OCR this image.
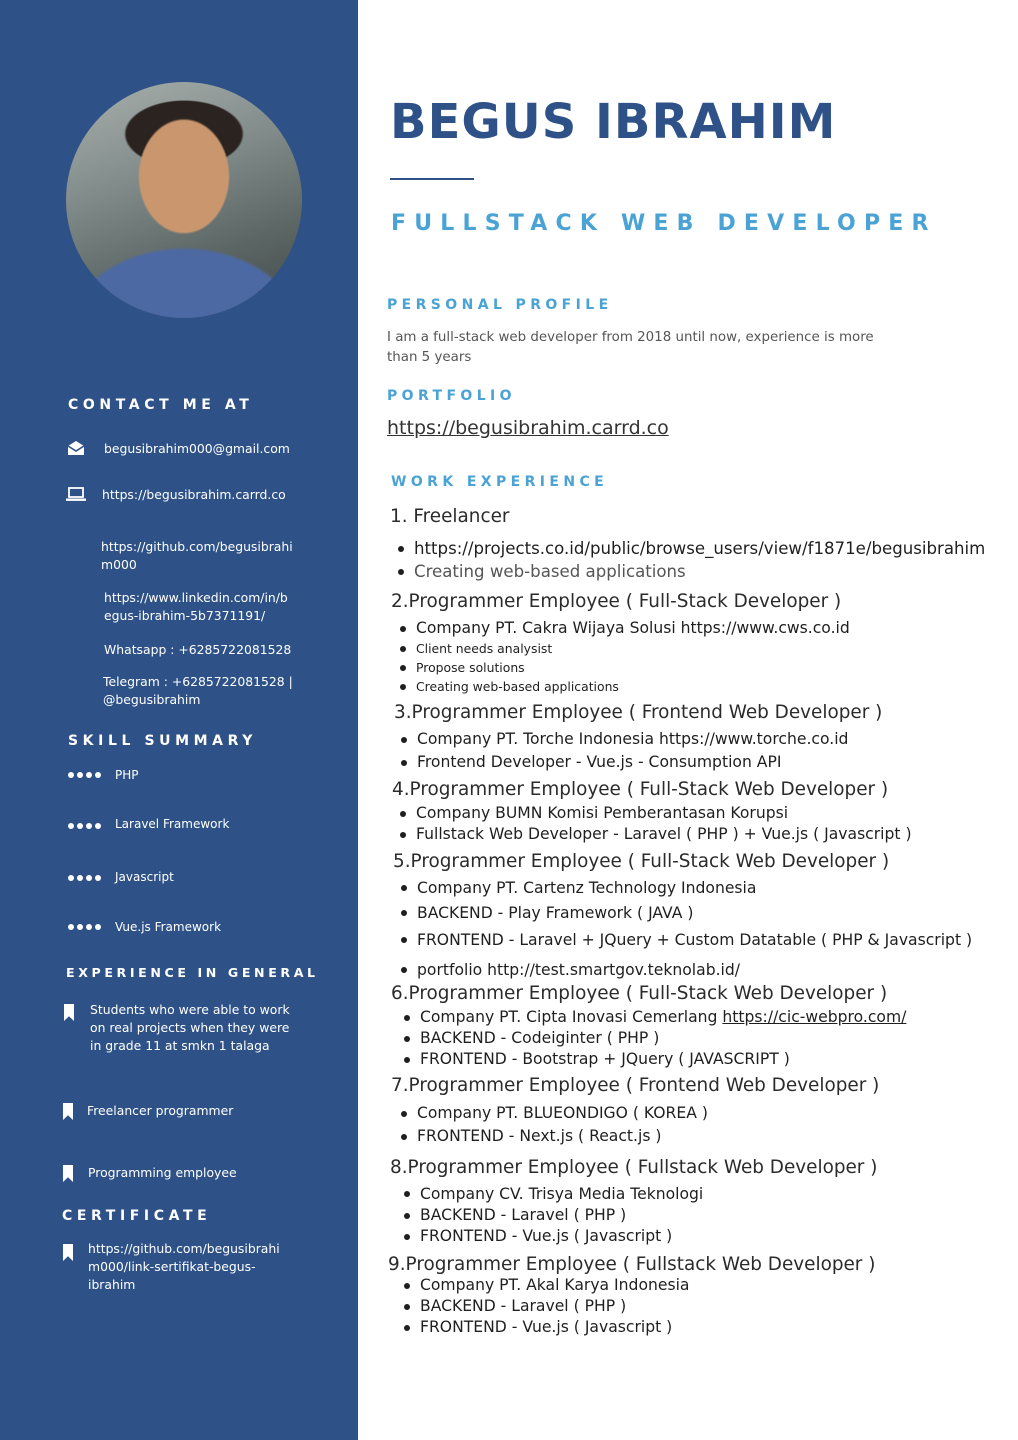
CONTACT ME AT
begusibrahim000@gmail.com
https://begusibrahim.carrd.co
https://github.com/begusibrahi m000
https://www.linkedin.com/in/b egus-ibrahim-5b7371191/
Whatsapp : +6285722081528
Telegram : +6285722081528 | @begusibrahim
SKILL SUMMARY
PHP
Laravel Framework
Javascript
Vue.js Framework
EXPERIENCE IN GENERAL
Students who were able to work on real projects when they were in grade 11 at smkn 1 talaga
Freelancer programmer
Programming employee
CERTIFICATE
https://github.com/begusibrahi m000/link-sertifikat-begus-ibrahim
BEGUS IBRAHIM
FULLSTACK WEB DEVELOPER
PERSONAL PROFILE
I am a full-stack web developer from 2018 until now, experience is more than 5 years
PORTFOLIO
https://begusibrahim.carrd.co
WORK EXPERIENCE
1. Freelancer
https://projects.co.id/public/browse_users/view/f1871e/begusibrahim
Creating web-based applications
2.Programmer Employee ( Full-Stack Developer )
Company PT. Cakra Wijaya Solusi https://www.cws.co.id
Client needs analysist
Propose solutions
Creating web-based applications
3.Programmer Employee ( Frontend Web Developer )
Company PT. Torche Indonesia https://www.torche.co.id
Frontend Developer - Vue.js - Consumption API
4.Programmer Employee ( Full-Stack Web Developer )
Company BUMN Komisi Pemberantasan Korupsi
Fullstack Web Developer - Laravel ( PHP ) + Vue.js ( Javascript )
5.Programmer Employee ( Full-Stack Web Developer )
Company PT. Cartenz Technology Indonesia
BACKEND - Play Framework ( JAVA )
FRONTEND - Laravel + JQuery + Custom Datatable ( PHP & Javascript )
portfolio http://test.smartgov.teknolab.id/
6.Programmer Employee ( Full-Stack Web Developer )
Company PT. Cipta Inovasi Cemerlang https://cic-webpro.com/
BACKEND - Codeiginter ( PHP )
FRONTEND - Bootstrap + JQuery ( JAVASCRIPT )
7.Programmer Employee ( Frontend Web Developer )
Company PT. BLUEONDIGO ( KOREA )
FRONTEND - Next.js ( React.js )
8.Programmer Employee ( Fullstack Web Developer )
Company CV. Trisya Media Teknologi
BACKEND - Laravel ( PHP )
FRONTEND - Vue.js ( Javascript )
9.Programmer Employee ( Fullstack Web Developer )
Company PT. Akal Karya Indonesia
BACKEND - Laravel ( PHP )
FRONTEND - Vue.js ( Javascript )
